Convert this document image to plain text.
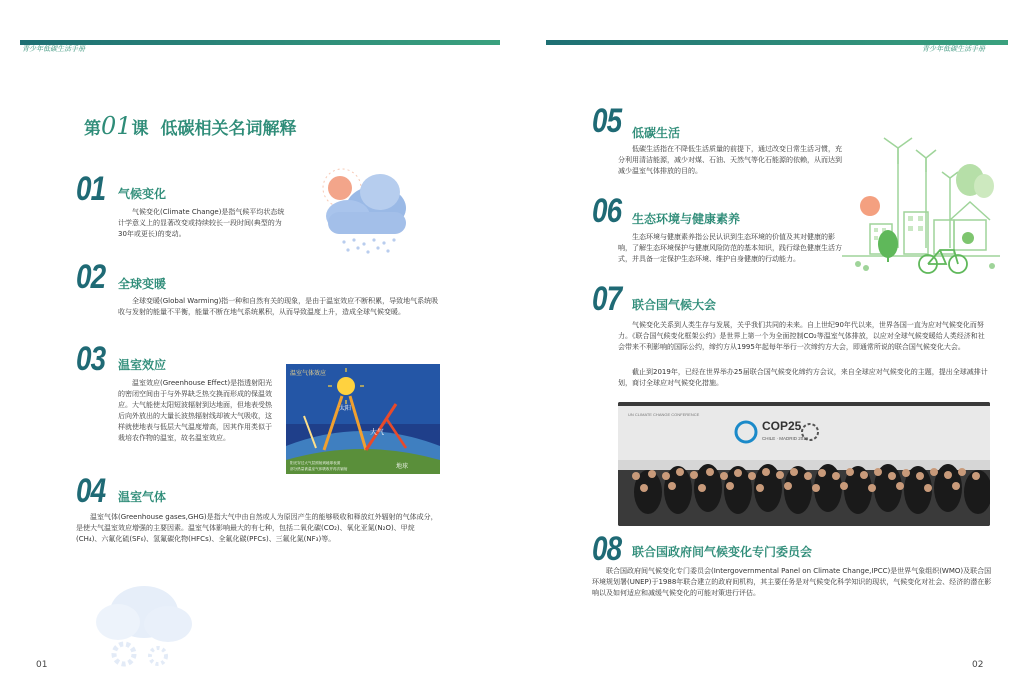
青少年低碳生活手册
第01课 低碳相关名词解释
01 气候变化

气候变化(Climate Change)是指气候平均状态统计学意义上的显著改变或持续较长一段时间(典型的为30年或更长)的变动。

02 全球变暖

全球变暖(Global Warming)指一种和自然有关的现象，是由于温室效应不断积累，导致地气系统吸收与发射的能量不平衡，能量不断在地气系统累积，从而导致温度上升，造成全球气候变暖。

03 温室效应

温室效应(Greenhouse Effect)是指透射阳光的密闭空间由于与外界缺乏热交换而形成的保温效应。大气能使太阳短波辐射到达地面，但地表受热后向外放出的大量长波热辐射线却被大气吸收，这样就使地表与低层大气温度增高，因其作用类似于栽培农作物的温室，故名温室效应。

温室气体效应
太阳
大气
地球
阳光穿过大气层照射到地球表面
部分热量被温室气体吸收并再次辐射
04 温室气体

温室气体(Greenhouse gases,GHG)是指大气中由自然或人为原因产生的能够吸收和释放红外辐射的气体成分，是使大气温室效应增强的主要因素。温室气体影响最大的有七种，包括二氧化碳(CO₂)、氧化亚氮(N₂O)、甲烷(CH₄)、六氟化硫(SF₆)、氢氟碳化物(HFCs)、全氟化碳(PFCs)、三氟化氮(NF₃)等。

01
青少年低碳生活手册
05 低碳生活

低碳生活指在不降低生活质量的前提下，通过改变日常生活习惯，充分利用清洁能源，减少对煤、石油、天然气等化石能源的依赖，从而达到减少温室气体排放的目的。

06 生态环境与健康素养

生态环境与健康素养指公民认识到生态环境的价值及其对健康的影响，了解生态环境保护与健康风险防范的基本知识，践行绿色健康生活方式，并具备一定保护生态环境、维护自身健康的行动能力。

07 联合国气候大会

气候变化关系到人类生存与发展，关乎我们共同的未来。自上世纪90年代以来，世界各国一直为应对气候变化而努力。《联合国气候变化框架公约》是世界上第一个为全面控制CO₂等温室气体排放，以应对全球气候变暖给人类经济和社会带来不利影响的国际公约，缔约方从1995年起每年举行一次缔约方大会，即通常所说的联合国气候变化大会。

截止到2019年，已经在世界举办25届联合国气候变化缔约方会议，来自全球应对气候变化的主题，提出全球减排计划，商讨全球应对气候变化措施。

COP25
CHILE · MADRID 2019
UN CLIMATE CHANGE CONFERENCE
08 联合国政府间气候变化专门委员会

联合国政府间气候变化专门委员会(Intergovernmental Panel on Climate Change,IPCC)是世界气象组织(WMO)及联合国环境规划署(UNEP)于1988年联合建立的政府间机构，其主要任务是对气候变化科学知识的现状，气候变化对社会、经济的潜在影响以及如何适应和减缓气候变化的可能对策进行评估。

02
